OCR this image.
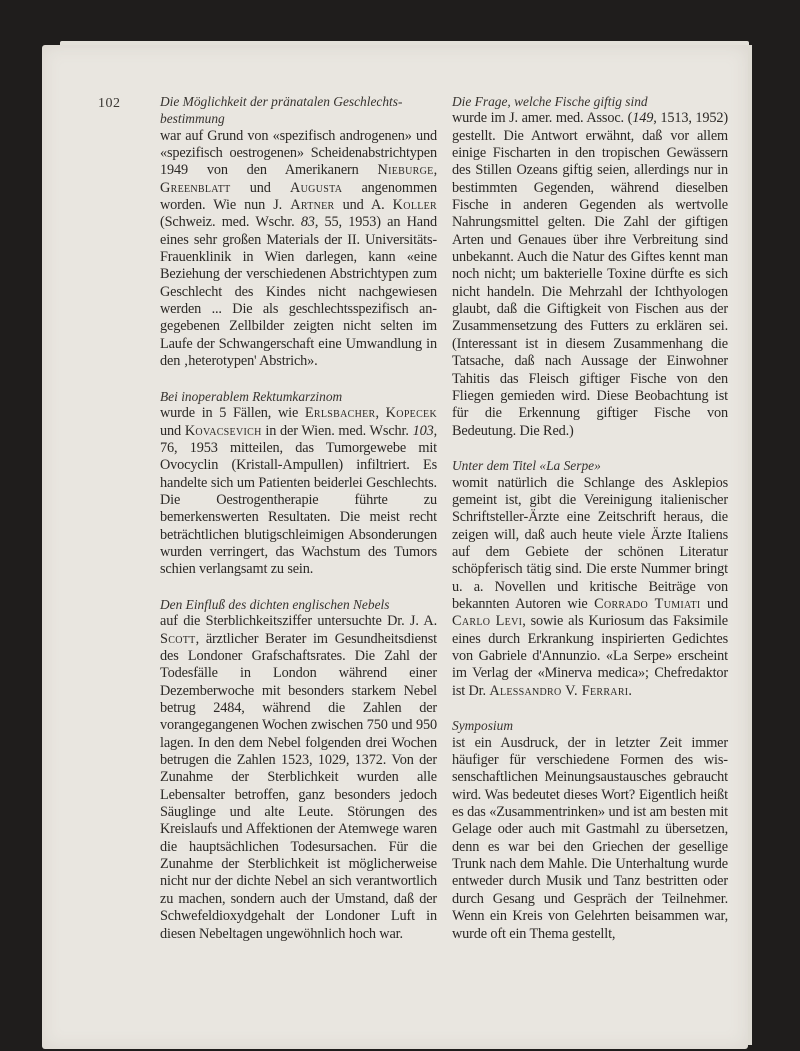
102	Die Möglichkeit der pränatalen Geschlechts-
bestimmung

war auf Grund von «spezifisch androgenen» und «spezifisch oestrogenen» Scheidenabstrichtypen 1949 von den Amerikanern Nieburge, Greenblatt und Augusta angenommen worden. Wie nun J. Artner und A. Koller (Schweiz. med. Wschr. 83, 55, 1953) an Hand eines sehr großen Materials der II. Universitäts-Frauenklinik in Wien darlegen, kann «eine Beziehung der verschiedenen Abstrichtypen zum Geschlecht des Kindes nicht nachgewiesen werden ... Die als geschlechtsspezifisch angegebenen Zellbilder zeigten nicht selten im Laufe der Schwangerschaft eine Umwandlung in den ‚heterotypen' Abstrich».

Bei inoperablem Rektumkarzinom

wurde in 5 Fällen, wie Erlsbacher, Kopecek und Kovacsevich in der Wien. med. Wschr. 103, 76, 1953 mitteilen, das Tumorgewebe mit Ovocyclin (Kristall-Ampullen) infiltriert. Es handelte sich um Patienten beiderlei Geschlechts. Die Oestrogentherapie führte zu bemerkenswerten Resultaten. Die meist recht beträchtlichen blutigschleimigen Absonderungen wurden verringert, das Wachstum des Tumors schien verlangsamt zu sein.

Den Einfluß des dichten englischen Nebels

auf die Sterblichkeitsziffer untersuchte Dr. J. A. Scott, ärztlicher Berater im Gesundheitsdienst des Londoner Grafschaftsrates. Die Zahl der Todesfälle in London während einer Dezemberwoche mit besonders starkem Nebel betrug 2484, während die Zahlen der vorangegangenen Wochen zwischen 750 und 950 lagen. In den dem Nebel folgenden drei Wochen betrugen die Zahlen 1523, 1029, 1372. Von der Zunahme der Sterblichkeit wurden alle Lebensalter betroffen, ganz besonders jedoch Säuglinge und alte Leute. Störungen des Kreislaufs und Affektionen der Atemwege waren die hauptsächlichen Todesursachen. Für die Zunahme der Sterblichkeit ist möglicherweise nicht nur der dichte Nebel an sich verantwortlich zu machen, sondern auch der Umstand, daß der Schwefeldioxydgehalt der Londoner Luft in diesen Nebeltagen ungewöhnlich hoch war.

Die Frage, welche Fische giftig sind

wurde im J. amer. med. Assoc. (149, 1513, 1952) gestellt. Die Antwort erwähnt, daß vor allem einige Fischarten in den tropischen Gewässern des Stillen Ozeans giftig seien, allerdings nur in bestimmten Gegenden, während dieselben Fische in anderen Gegenden als wertvolle Nahrungsmittel gelten. Die Zahl der giftigen Arten und Genaues über ihre Verbreitung sind unbekannt. Auch die Natur des Giftes kennt man noch nicht; um bakterielle Toxine dürfte es sich nicht handeln. Die Mehrzahl der Ichthyologen glaubt, daß die Giftigkeit von Fischen aus der Zusammensetzung des Futters zu erklären sei. (Interessant ist in diesem Zusammenhang die Tatsache, daß nach Aussage der Einwohner Tahitis das Fleisch giftiger Fische von den Fliegen gemieden wird. Diese Beobachtung ist für die Erkennung giftiger Fische von Bedeutung. Die Red.)

Unter dem Titel «La Serpe»

womit natürlich die Schlange des Asklepios gemeint ist, gibt die Vereinigung italienischer Schriftsteller-Ärzte eine Zeitschrift heraus, die zeigen will, daß auch heute viele Ärzte Italiens auf dem Gebiete der schönen Literatur schöpferisch tätig sind. Die erste Nummer bringt u. a. Novellen und kritische Beiträge von bekannten Autoren wie Corrado Tumiati und Carlo Levi, sowie als Kuriosum das Faksimile eines durch Erkrankung inspirierten Gedichtes von Gabriele d'Annunzio. «La Serpe» erscheint im Verlag der «Minerva medica»; Chefredaktor ist Dr. Alessandro V. Ferrari.

Symposium

ist ein Ausdruck, der in letzter Zeit immer häufiger für verschiedene Formen des wissenschaftlichen Meinungsaustausches gebraucht wird. Was bedeutet dieses Wort? Eigentlich heißt es das «Zusammentrinken» und ist am besten mit Gelage oder auch mit Gastmahl zu übersetzen, denn es war bei den Griechen der gesellige Trunk nach dem Mahle. Die Unterhaltung wurde entweder durch Musik und Tanz bestritten oder durch Gesang und Gespräch der Teilnehmer. Wenn ein Kreis von Gelehrten beisammen war, wurde oft ein Thema gestellt,
